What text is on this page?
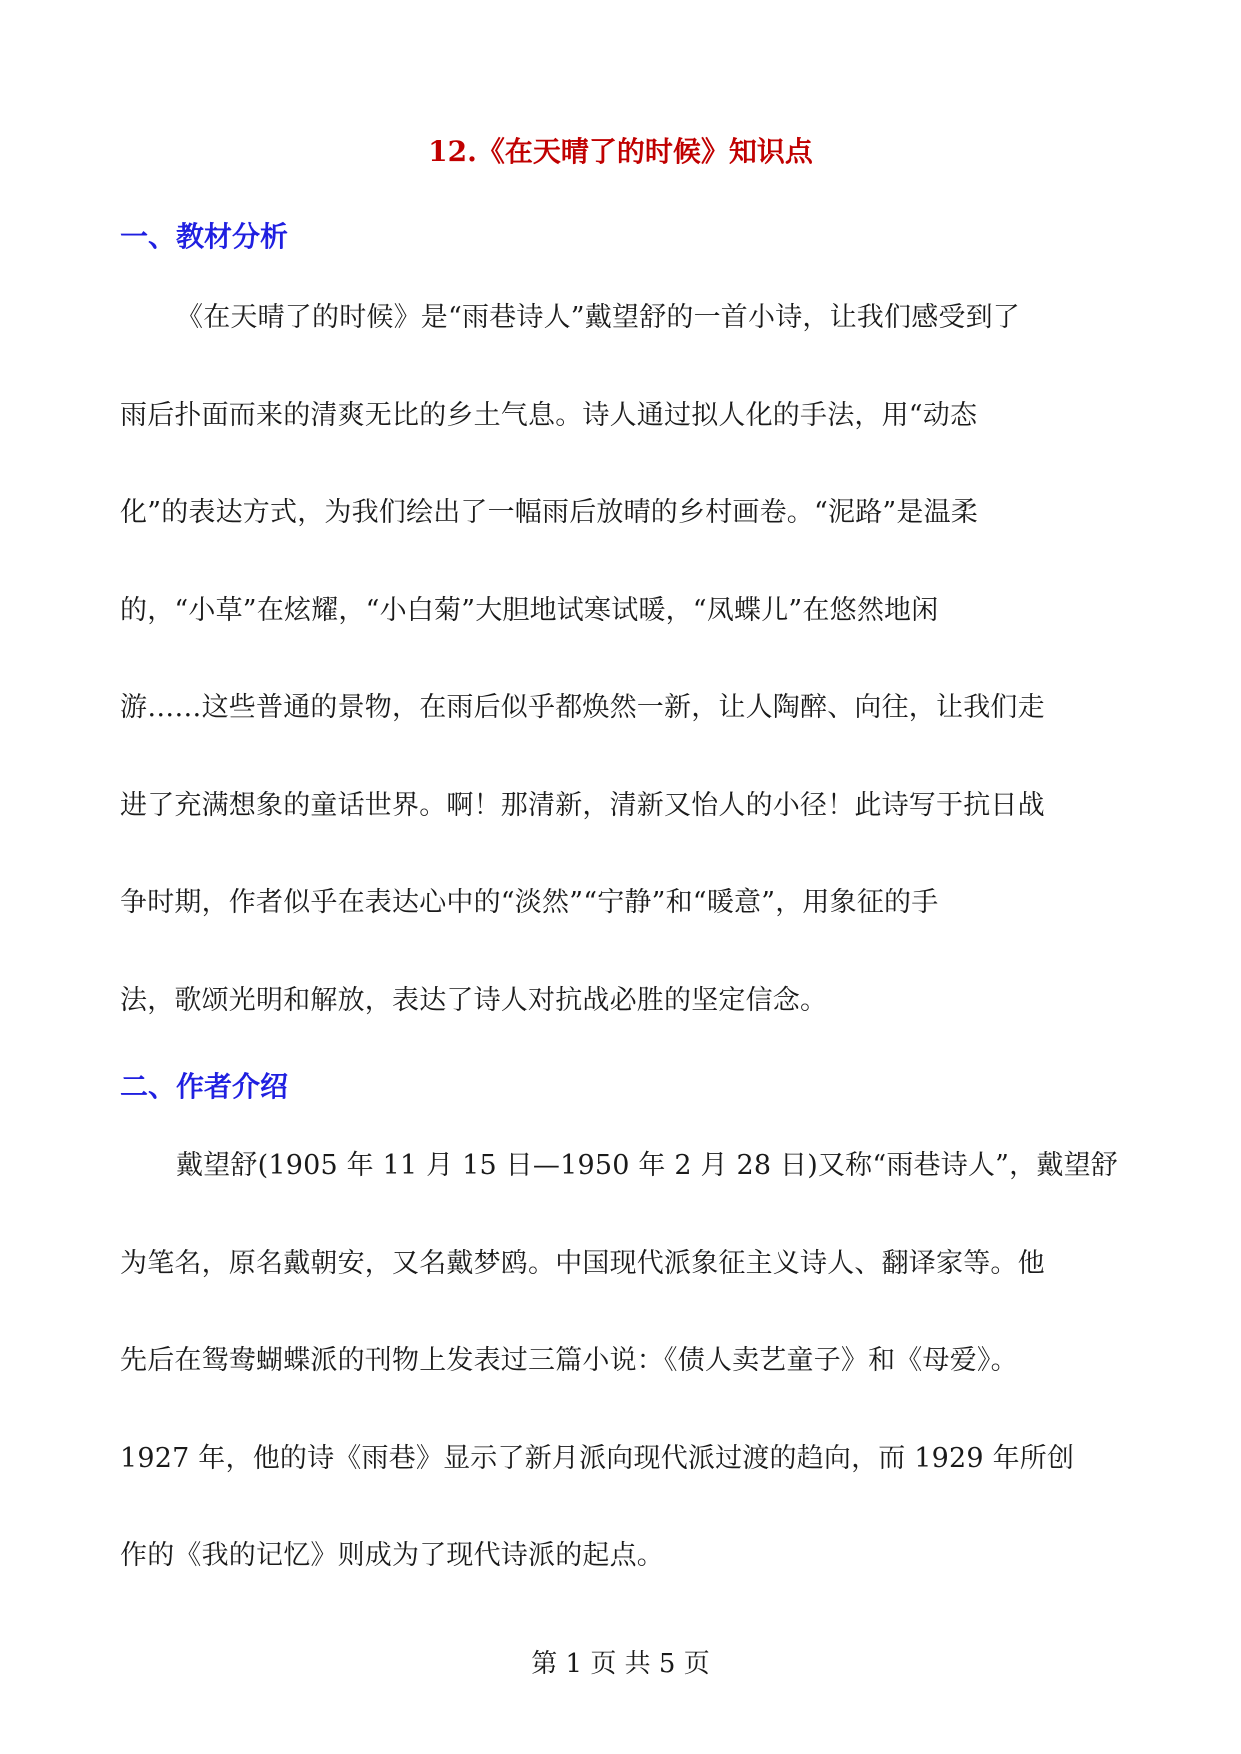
12.《在天晴了的时候》知识点
一、教材分析
《在天晴了的时候》是“雨巷诗人”戴望舒的一首小诗，让我们感受到了
雨后扑面而来的清爽无比的乡土气息。诗人通过拟人化的手法，用“动态
化”的表达方式，为我们绘出了一幅雨后放晴的乡村画卷。“泥路”是温柔
的，“小草”在炫耀，“小白菊”大胆地试寒试暖，“凤蝶儿”在悠然地闲
游……这些普通的景物，在雨后似乎都焕然一新，让人陶醉、向往，让我们走
进了充满想象的童话世界。啊！那清新，清新又怡人的小径！此诗写于抗日战
争时期，作者似乎在表达心中的“淡然”“宁静”和“暖意”，用象征的手
法，歌颂光明和解放，表达了诗人对抗战必胜的坚定信念。
二、作者介绍
戴望舒(1905 年 11 月 15 日—1950 年 2 月 28 日)又称“雨巷诗人”，戴望舒
为笔名，原名戴朝安，又名戴梦鸥。中国现代派象征主义诗人、翻译家等。他
先后在鸳鸯蝴蝶派的刊物上发表过三篇小说：《债人卖艺童子》和《母爱》。
1927 年，他的诗《雨巷》显示了新月派向现代派过渡的趋向，而 1929 年所创
作的《我的记忆》则成为了现代诗派的起点。
第 1 页 共 5 页
